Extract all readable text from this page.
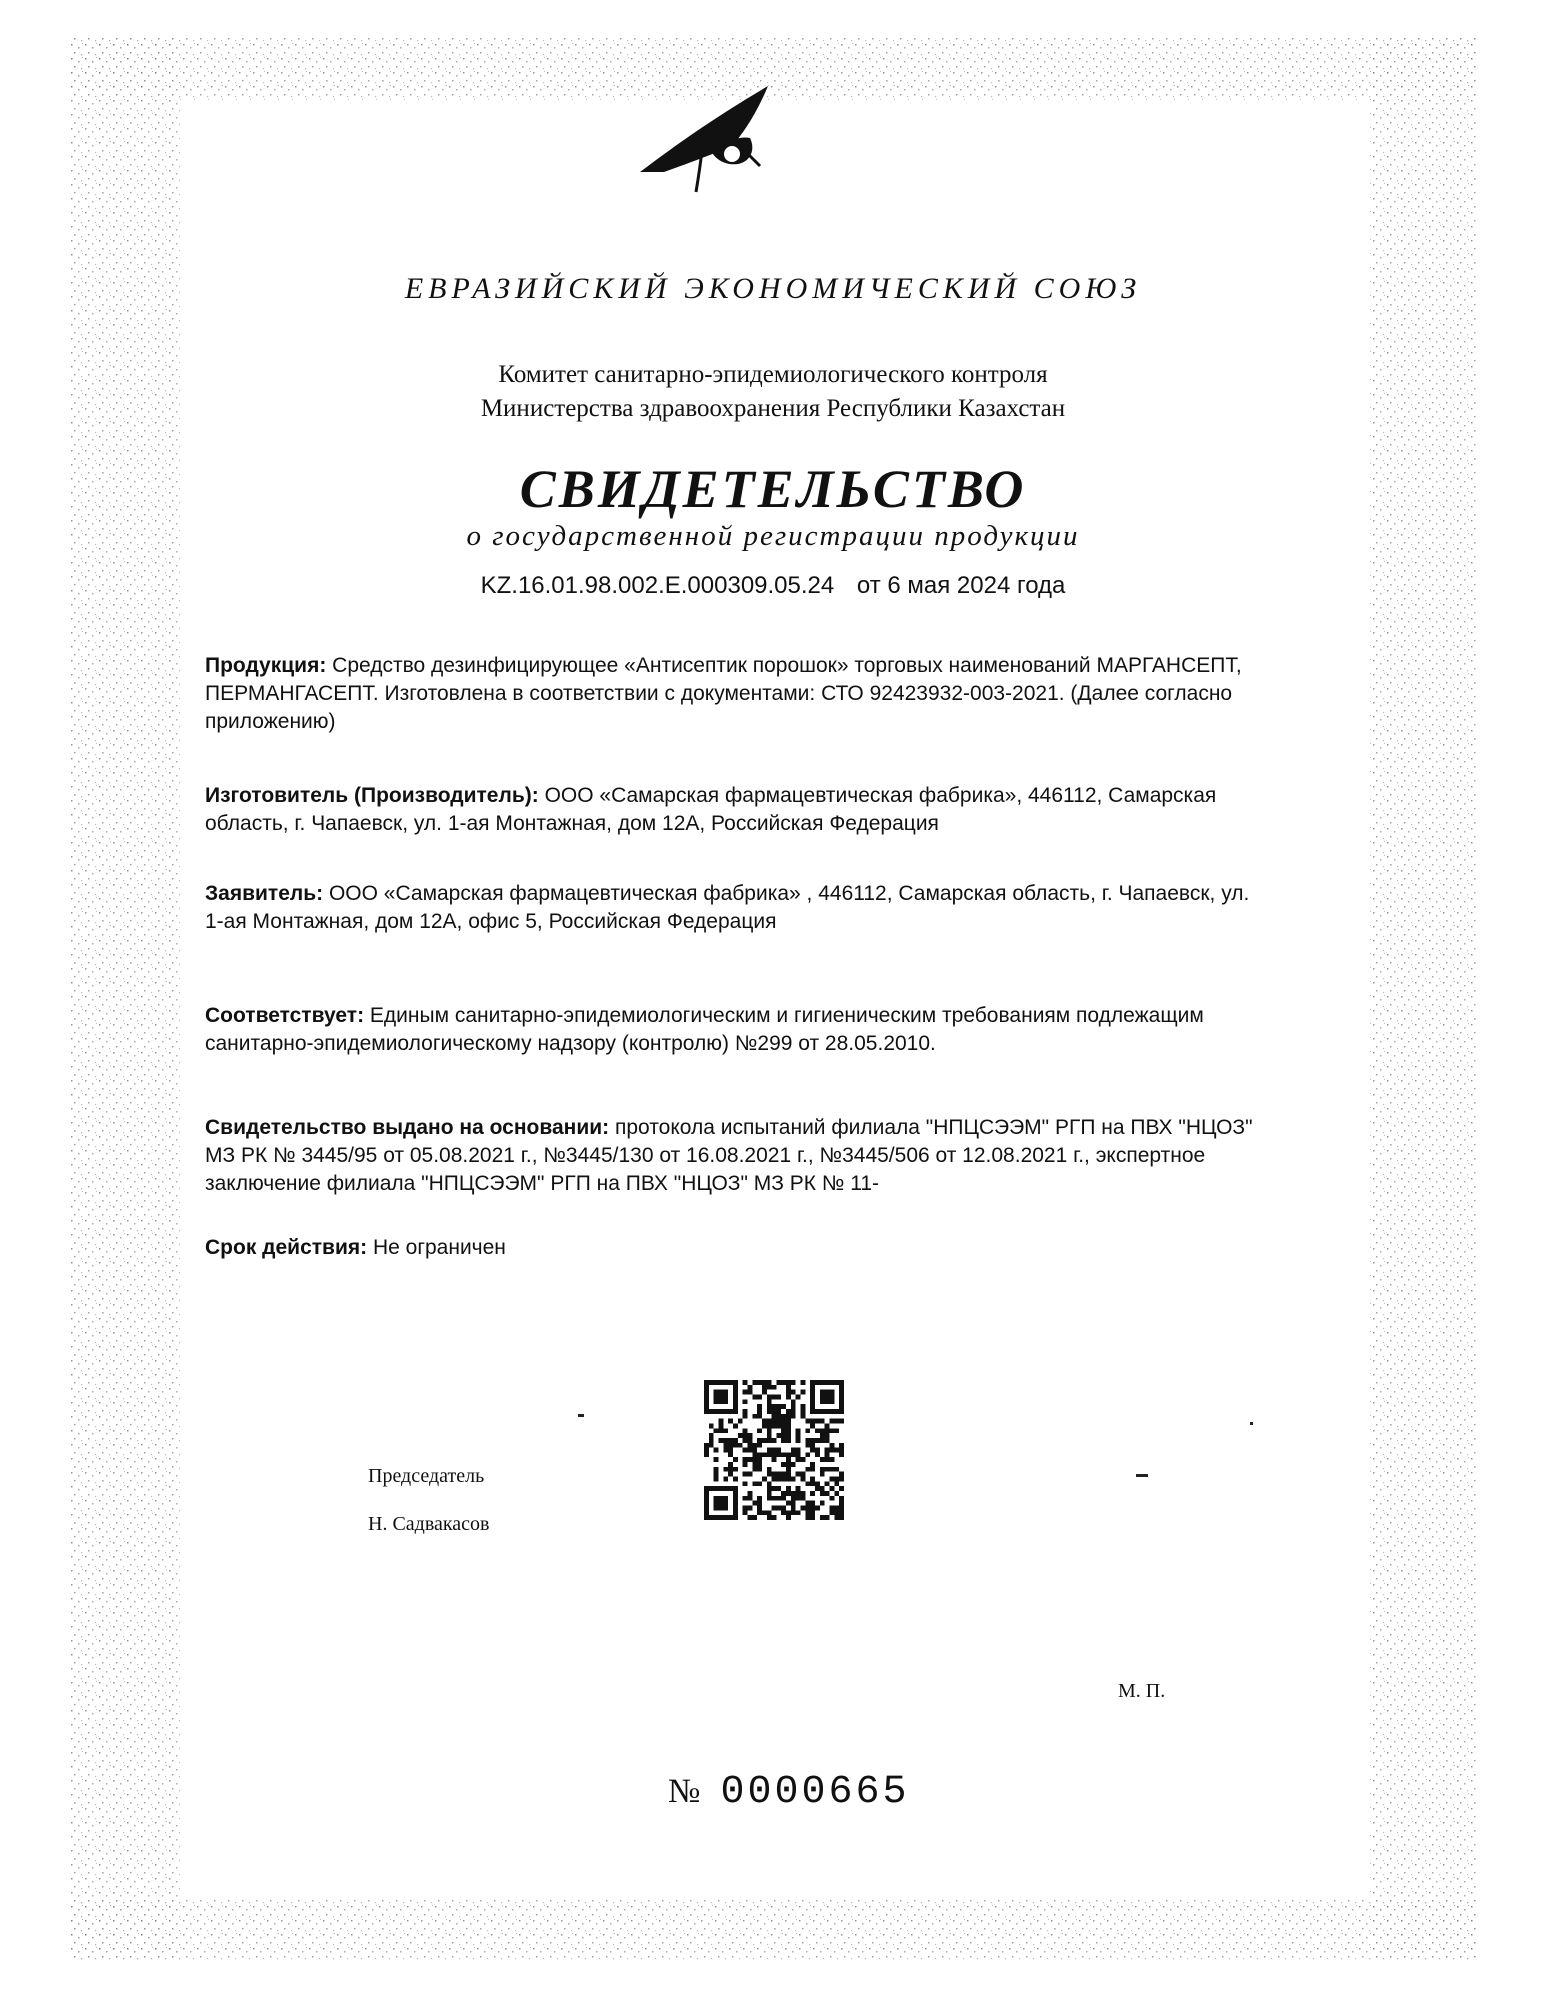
ЕВРАЗИЙСКИЙ ЭКОНОМИЧЕСКИЙ СОЮЗ
Комитет санитарно-эпидемиологического контроля
Министерства здравоохранения Республики Казахстан
СВИДЕТЕЛЬСТВО
о государственной регистрации продукции
KZ.16.01.98.002.E.000309.05.24 от 6 мая 2024 года
Продукция: Средство дезинфицирующее «Антисептик порошок» торговых наименований МАРГАНСЕПТ, ПЕРМАНГАСЕПТ. Изготовлена в соответствии с документами: СТО 92423932-003-2021. (Далее согласно приложению)
Изготовитель (Производитель): ООО «Самарская фармацевтическая фабрика», 446112, Самарская область, г. Чапаевск, ул. 1-ая Монтажная, дом 12А, Российская Федерация
Заявитель: ООО «Самарская фармацевтическая фабрика» , 446112, Самарская область, г. Чапаевск, ул. 1-ая Монтажная, дом 12А, офис 5, Российская Федерация
Соответствует: Единым санитарно-эпидемиологическим и гигиеническим требованиям подлежащим санитарно-эпидемиологическому надзору (контролю) №299 от 28.05.2010.
Свидетельство выдано на основании: протокола испытаний филиала "НПЦСЭЭМ" РГП на ПВХ "НЦОЗ" МЗ РК № 3445/95 от 05.08.2021 г., №3445/130 от 16.08.2021 г., №3445/506 от 12.08.2021 г., экспертное заключение филиала "НПЦСЭЭМ" РГП на ПВХ "НЦОЗ" МЗ РК № 11-
Срок действия: Не ограничен
Председатель
Н. Садвакасов
М. П.
№ 0000665
